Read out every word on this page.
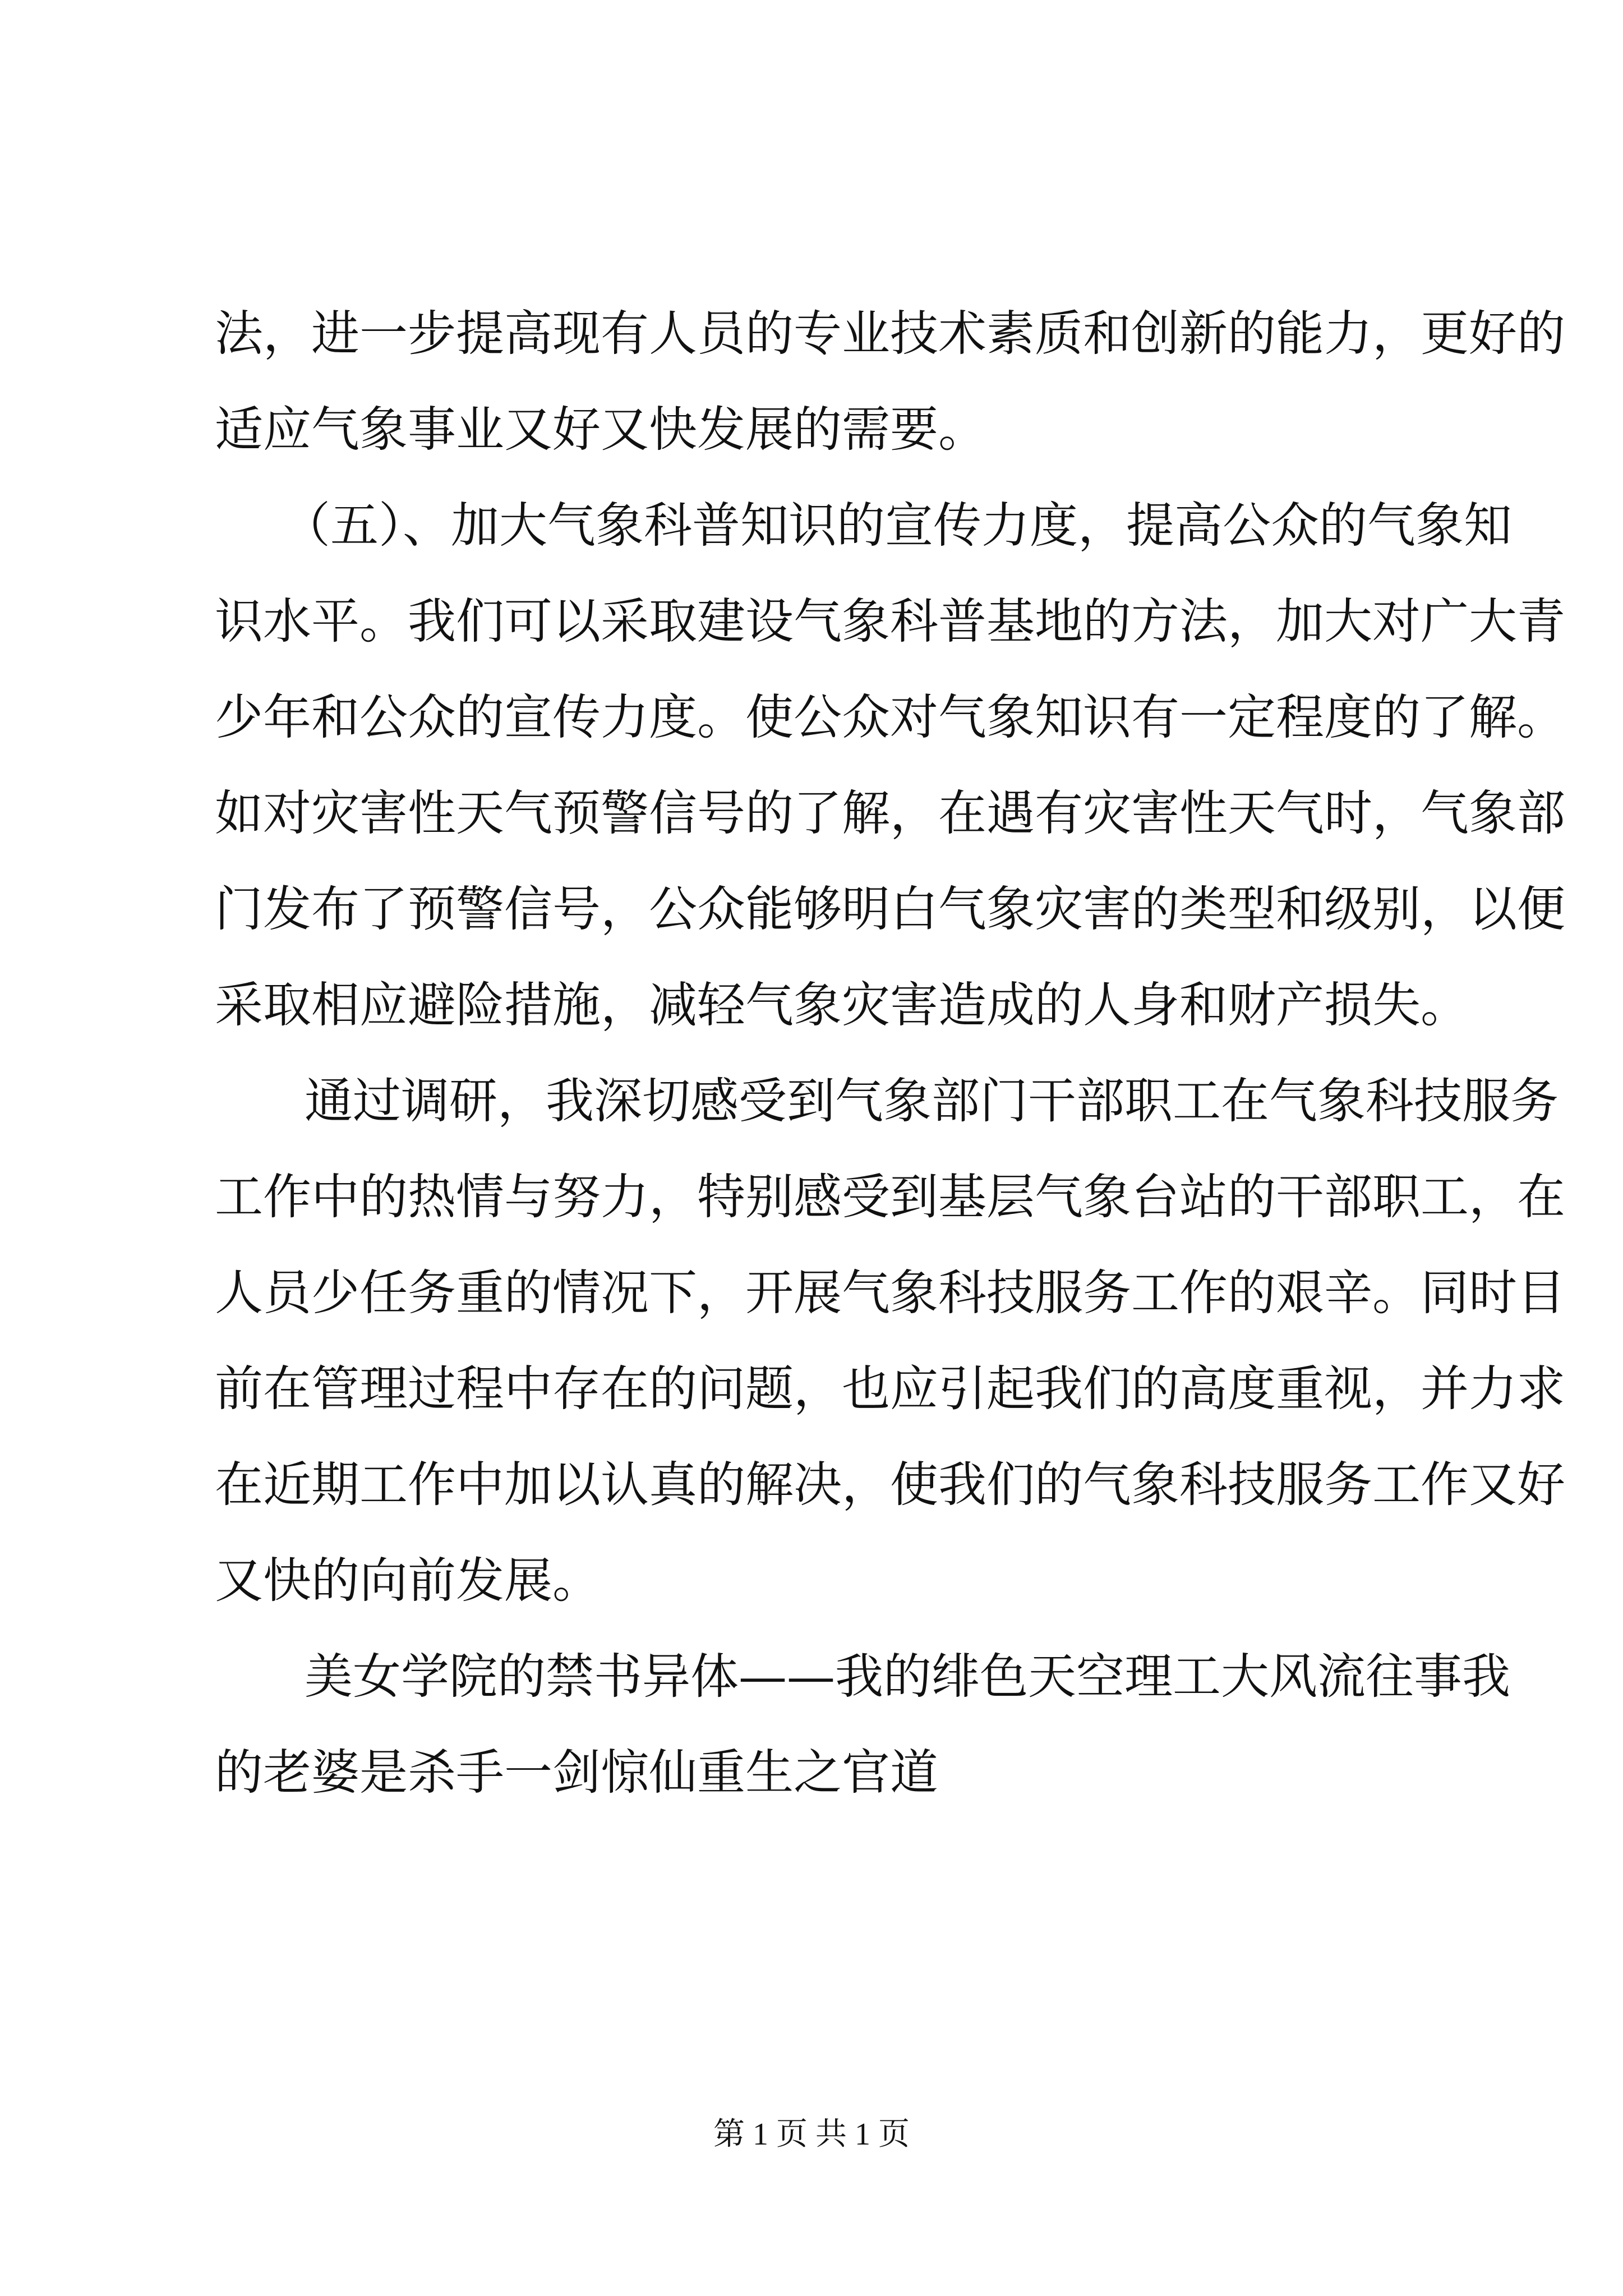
法，进一步提高现有人员的专业技术素质和创新的能力，更好的
适应气象事业又好又快发展的需要。
（五）、加大气象科普知识的宣传力度，提高公众的气象知
识水平。我们可以采取建设气象科普基地的方法，加大对广大青
少年和公众的宣传力度。使公众对气象知识有一定程度的了解。
如对灾害性天气预警信号的了解，在遇有灾害性天气时，气象部
门发布了预警信号，公众能够明白气象灾害的类型和级别，以便
采取相应避险措施，减轻气象灾害造成的人身和财产损失。
通过调研，我深切感受到气象部门干部职工在气象科技服务
工作中的热情与努力，特别感受到基层气象台站的干部职工，在
人员少任务重的情况下，开展气象科技服务工作的艰辛。同时目
前在管理过程中存在的问题，也应引起我们的高度重视，并力求
在近期工作中加以认真的解决，使我们的气象科技服务工作又好
又快的向前发展。
美女学院的禁书异体——我的绯色天空理工大风流往事我
的老婆是杀手一剑惊仙重生之官道
第 1 页 共 1 页
